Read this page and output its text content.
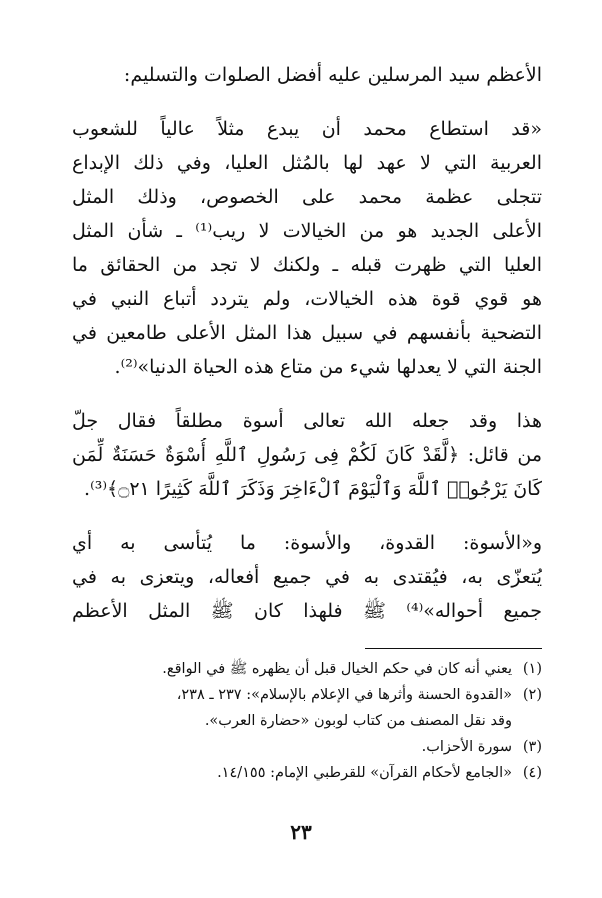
الأعظم سيد المرسلين عليه أفضل الصلوات والتسليم:
«قد استطاع محمد أن يبدع مثلاً عالياً للشعوب
العربية التي لا عهد لها بالمُثل العليا، وفي ذلك الإبداع
تتجلى عظمة محمد على الخصوص، وذلك المثل
الأعلى الجديد هو من الخيالات لا ريب⁽¹⁾ ـ شأن المثل
العليا التي ظهرت قبله ـ ولكنك لا تجد من الحقائق ما
هو قوي قوة هذه الخيالات، ولم يتردد أتباع النبي في
التضحية بأنفسهم في سبيل هذا المثل الأعلى طامعين في
الجنة التي لا يعدلها شيء من متاع هذه الحياة الدنيا»⁽²⁾.
هذا وقد جعله الله تعالى أسوة مطلقاً فقال جلّ
من قائل: ﴿لَّقَدْ كَانَ لَكُمْ فِى رَسُولِ ٱللَّهِ أُسْوَةٌ حَسَنَةٌ لِّمَن
كَانَ يَرْجُوا۟ ٱللَّهَ وَٱلْيَوْمَ ٱلْءَاخِرَ وَذَكَرَ ٱللَّهَ كَثِيرًا ۝٢١﴾⁽³⁾.
و«الأسوة: القدوة، والأسوة: ما يُتأسى به أي
يُتعزّى به، فيُقتدى به في جميع أفعاله، ويتعزى به في
جميع أحواله»⁽⁴⁾ ﷺ فلهذا كان ﷺ المثل الأعظم
(١)
يعني أنه كان في حكم الخيال قبل أن يظهره ﷺ في الواقع.
(٢)
«القدوة الحسنة وأثرها في الإعلام بالإسلام»: ٢٣٧ ـ ٢٣٨،
وقد نقل المصنف من كتاب لوبون «حضارة العرب».
(٣)
سورة الأحزاب.
(٤)
«الجامع لأحكام القرآن» للقرطبي الإمام: ١٤/١٥٥.
٢٣
